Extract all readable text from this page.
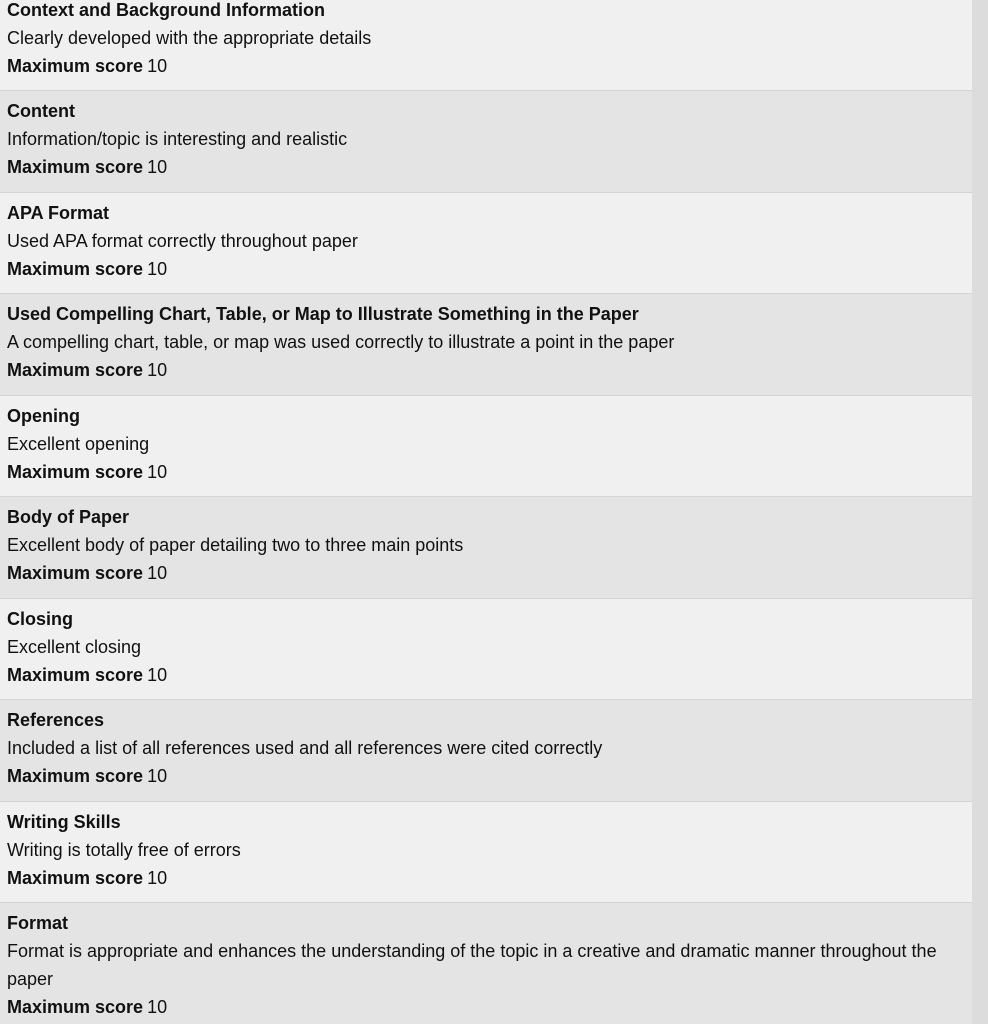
Context and Background Information
Clearly developed with the appropriate details
Maximum score 10
Content
Information/topic is interesting and realistic
Maximum score 10
APA Format
Used APA format correctly throughout paper
Maximum score 10
Used Compelling Chart, Table, or Map to Illustrate Something in the Paper
A compelling chart, table, or map was used correctly to illustrate a point in the paper
Maximum score 10
Opening
Excellent opening
Maximum score 10
Body of Paper
Excellent body of paper detailing two to three main points
Maximum score 10
Closing
Excellent closing
Maximum score 10
References
Included a list of all references used and all references were cited correctly
Maximum score 10
Writing Skills
Writing is totally free of errors
Maximum score 10
Format
Format is appropriate and enhances the understanding of the topic in a creative and dramatic manner throughout the paper
Maximum score 10
